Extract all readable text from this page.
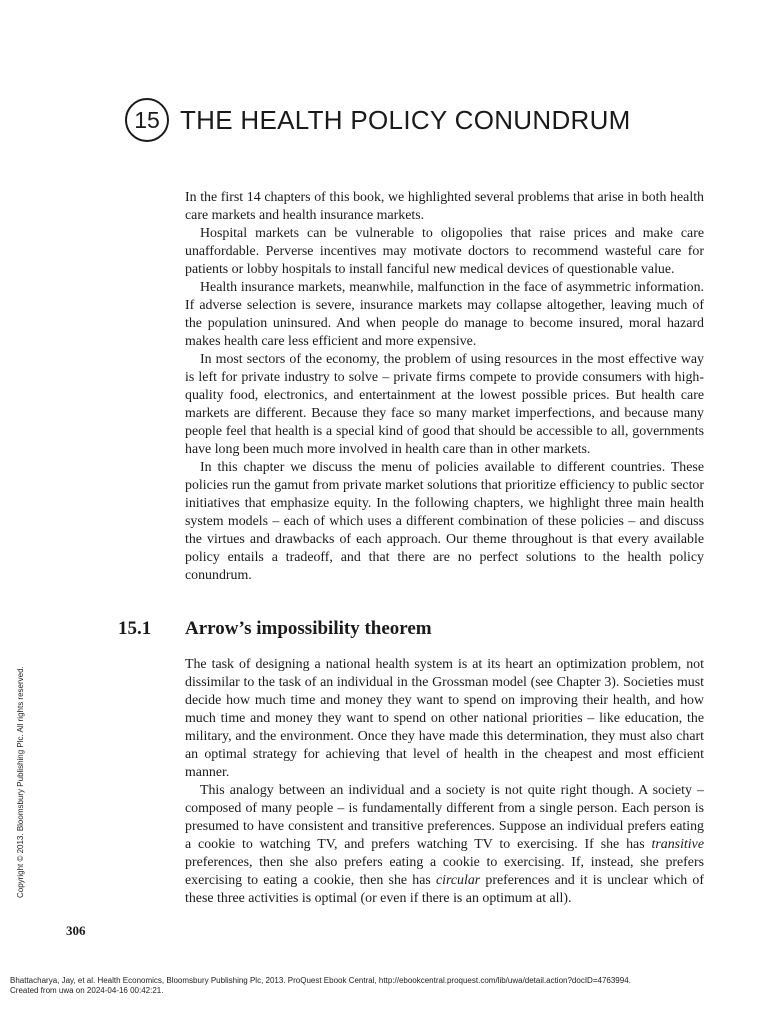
15 THE HEALTH POLICY CONUNDRUM

In the first 14 chapters of this book, we highlighted several problems that arise in both health care markets and health insurance markets.

Hospital markets can be vulnerable to oligopolies that raise prices and make care unaffordable. Perverse incentives may motivate doctors to recommend wasteful care for patients or lobby hospitals to install fanciful new medical devices of questionable value.

Health insurance markets, meanwhile, malfunction in the face of asymmetric information. If adverse selection is severe, insurance markets may collapse altogether, leaving much of the population uninsured. And when people do manage to become insured, moral hazard makes health care less efficient and more expensive.

In most sectors of the economy, the problem of using resources in the most effective way is left for private industry to solve – private firms compete to provide consumers with high-quality food, electronics, and entertainment at the lowest possible prices. But health care markets are different. Because they face so many market imperfections, and because many people feel that health is a special kind of good that should be accessible to all, governments have long been much more involved in health care than in other markets.

In this chapter we discuss the menu of policies available to different countries. These policies run the gamut from private market solutions that prioritize efficiency to public sector initiatives that emphasize equity. In the following chapters, we highlight three main health system models – each of which uses a different combination of these policies – and discuss the virtues and drawbacks of each approach. Our theme throughout is that every available policy entails a tradeoff, and that there are no perfect solutions to the health policy conundrum.

15.1 Arrow’s impossibility theorem

The task of designing a national health system is at its heart an optimization problem, not dissimilar to the task of an individual in the Grossman model (see Chapter 3). Societies must decide how much time and money they want to spend on improving their health, and how much time and money they want to spend on other national priorities – like education, the military, and the environment. Once they have made this determination, they must also chart an optimal strategy for achieving that level of health in the cheapest and most efficient manner.

This analogy between an individual and a society is not quite right though. A society – composed of many people – is fundamentally different from a single person. Each person is presumed to have consistent and transitive preferences. Suppose an individual prefers eating a cookie to watching TV, and prefers watching TV to exercising. If she has transitive preferences, then she also prefers eating a cookie to exercising. If, instead, she prefers exercising to eating a cookie, then she has circular preferences and it is unclear which of these three activities is optimal (or even if there is an optimum at all).

Copyright © 2013. Bloomsbury Publishing Plc. All rights reserved.
306
Bhattacharya, Jay, et al. Health Economics, Bloomsbury Publishing Plc, 2013. ProQuest Ebook Central, http://ebookcentral.proquest.com/lib/uwa/detail.action?docID=4763994.
Created from uwa on 2024-04-16 00:42:21.
